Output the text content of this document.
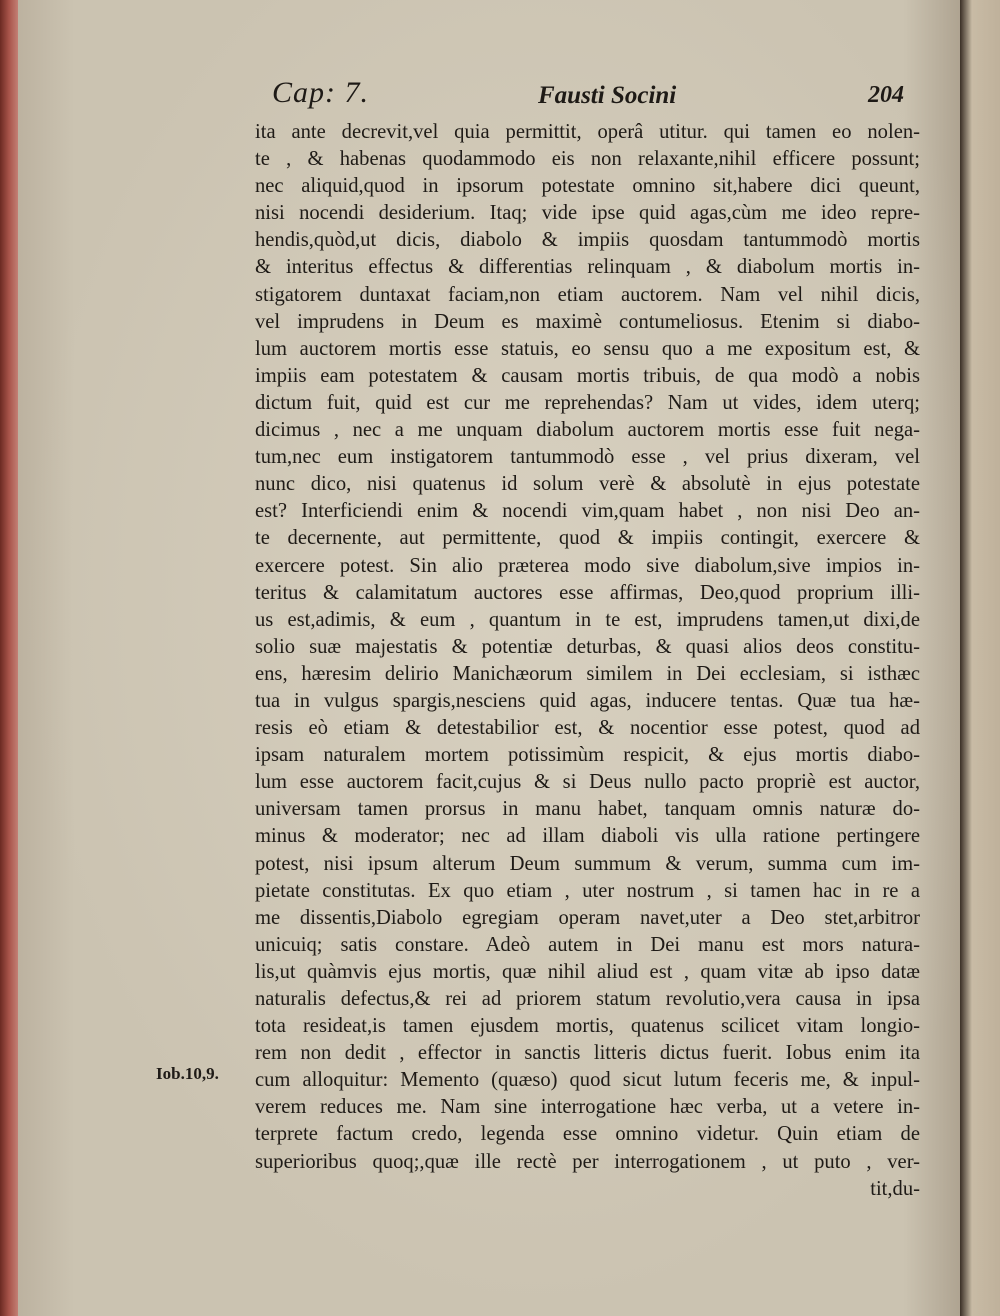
Cap: 7.	Fausti Socini	204
ita ante decrevit,vel quia permittit, operâ utitur. qui tamen eo nolen-
te , & habenas quodammodo eis non relaxante,nihil efficere possunt;
nec aliquid,quod in ipsorum potestate omnino sit,habere dici queunt,
nisi nocendi desiderium. Itaq; vide ipse quid agas,cùm me ideo repre-
hendis,quòd,ut dicis, diabolo & impiis quosdam tantummodò mortis
& interitus effectus & differentias relinquam , & diabolum mortis in-
stigatorem duntaxat faciam,non etiam auctorem. Nam vel nihil dicis,
vel imprudens in Deum es maximè contumeliosus. Etenim si diabo-
lum auctorem mortis esse statuis, eo sensu quo a me expositum est, &
impiis eam potestatem & causam mortis tribuis, de qua modò a nobis
dictum fuit, quid est cur me reprehendas? Nam ut vides, idem uterq;
dicimus , nec a me unquam diabolum auctorem mortis esse fuit nega-
tum,nec eum instigatorem tantummodò esse , vel prius dixeram, vel
nunc dico, nisi quatenus id solum verè & absolutè in ejus potestate
est? Interficiendi enim & nocendi vim,quam habet , non nisi Deo an-
te decernente, aut permittente, quod & impiis contingit, exercere &
exercere potest. Sin alio præterea modo sive diabolum,sive impios in-
teritus & calamitatum auctores esse affirmas, Deo,quod proprium illi-
us est,adimis, & eum , quantum in te est, imprudens tamen,ut dixi,de
solio suæ majestatis & potentiæ deturbas, & quasi alios deos constitu-
ens, hæresim delirio Manichæorum similem in Dei ecclesiam, si isthæc
tua in vulgus spargis,nesciens quid agas, inducere tentas. Quæ tua hæ-
resis eò etiam & detestabilior est, & nocentior esse potest, quod ad
ipsam naturalem mortem potissimùm respicit, & ejus mortis diabo-
lum esse auctorem facit,cujus & si Deus nullo pacto propriè est auctor,
universam tamen prorsus in manu habet, tanquam omnis naturæ do-
minus & moderator; nec ad illam diaboli vis ulla ratione pertingere
potest, nisi ipsum alterum Deum summum & verum, summa cum im-
pietate constitutas. Ex quo etiam , uter nostrum , si tamen hac in re a
me dissentis,Diabolo egregiam operam navet,uter a Deo stet,arbitror
unicuiq; satis constare. Adeò autem in Dei manu est mors natura-
lis,ut quàmvis ejus mortis, quæ nihil aliud est , quam vitæ ab ipso datæ
naturalis defectus,& rei ad priorem statum revolutio,vera causa in ipsa
tota resideat,is tamen ejusdem mortis, quatenus scilicet vitam longio-
rem non dedit , effector in sanctis litteris dictus fuerit. Iobus enim ita
cum alloquitur: Memento (quæso) quod sicut lutum feceris me, & inpul-
verem reduces me. Nam sine interrogatione hæc verba, ut a vetere in-
terprete factum credo, legenda esse omnino videtur. Quin etiam de
superioribus quoq;,quæ ille rectè per interrogationem , ut puto , ver-
tit,du-
Iob.10,9.
